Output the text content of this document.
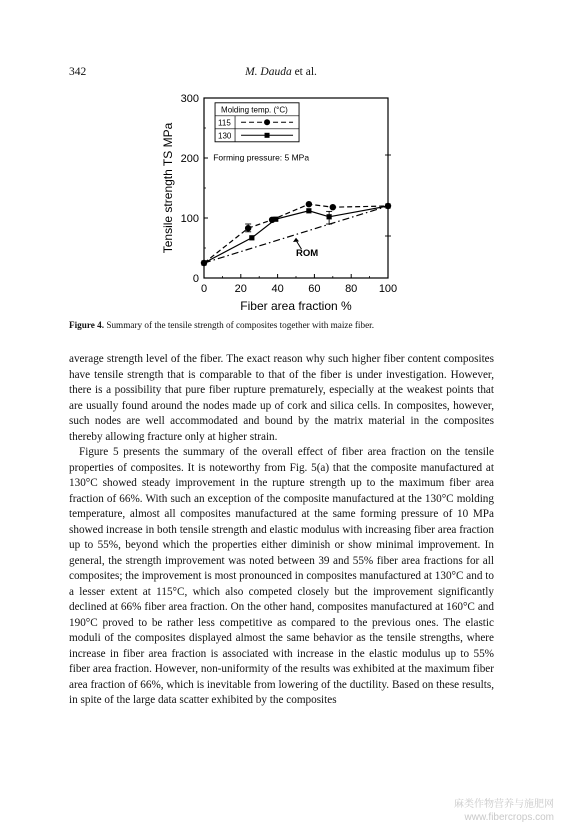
342	M. Dauda et al.
0	20 40 60 80 100
0
100
200
300
Fiber area fraction %
Tensile strength TS MPa
ROM
Forming pressure: 5 MPa
Molding temp. (°C)
115
130
Figure 4. Summary of the tensile strength of composites together with maize fiber.

average strength level of the fiber. The exact reason why such higher fiber content composites have tensile strength that is comparable to that of the fiber is under investigation. However, there is a possibility that pure fiber rupture prematurely, especially at the weakest points that are usually found around the nodes made up of cork and silica cells. In composites, however, such nodes are well accommodated and bound by the matrix material in the composites thereby allowing fracture only at higher strain.

Figure 5 presents the summary of the overall effect of fiber area fraction on the tensile properties of composites. It is noteworthy from Fig. 5(a) that the composite manufactured at 130°C showed steady improvement in the rupture strength up to the maximum fiber area fraction of 66%. With such an exception of the composite manufactured at the 130°C molding temperature, almost all composites manufactured at the same forming pressure of 10 MPa showed increase in both tensile strength and elastic modulus with increasing fiber area fraction up to 55%, beyond which the properties either diminish or show minimal improvement. In general, the strength improvement was noted between 39 and 55% fiber area fractions for all composites; the improvement is most pronounced in composites manufactured at 130°C and to a lesser extent at 115°C, which also competed closely but the improvement significantly declined at 66% fiber area fraction. On the other hand, composites manufactured at 160°C and 190°C proved to be rather less competitive as compared to the previous ones. The elastic moduli of the composites displayed almost the same behavior as the tensile strengths, where increase in fiber area fraction is associated with increase in the elastic modulus up to 55% fiber area fraction. However, non-uniformity of the results was exhibited at the maximum fiber area fraction of 66%, which is inevitable from lowering of the ductility. Based on these results, in spite of the large data scatter exhibited by the composites

麻类作物营养与施肥网
www.fibercrops.com
